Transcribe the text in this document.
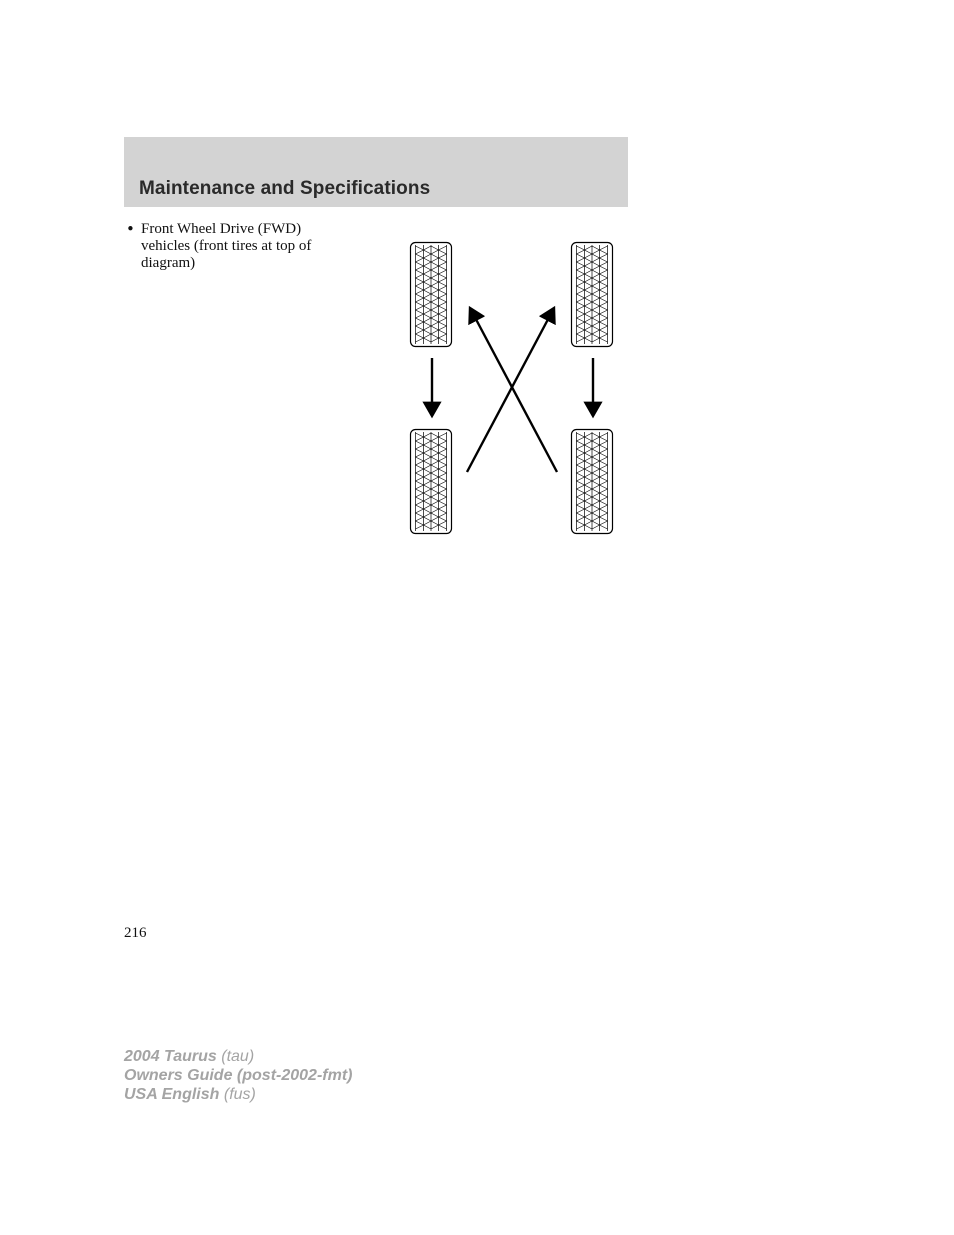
Maintenance and Specifications
• Front Wheel Drive (FWD)
vehicles (front tires at top of
diagram)
216
2004 Taurus (tau)
Owners Guide (post-2002-fmt)
USA English (fus)
